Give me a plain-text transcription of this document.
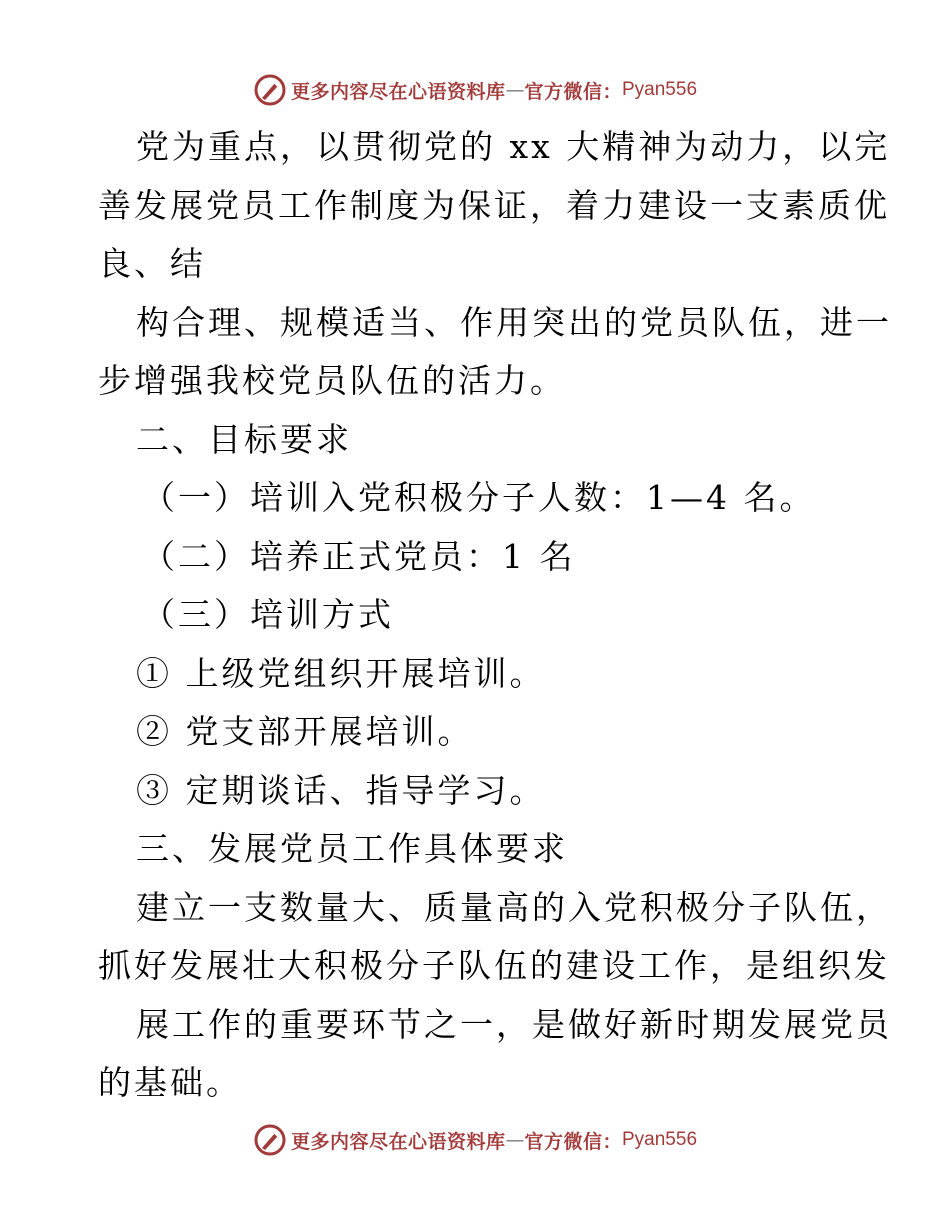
更多内容尽在心语资料库 — 官方微信： Pyan556
党为重点，以贯彻党的 xx 大精神为动力，以完
善发展党员工作制度为保证，着力建设一支素质优
良、结
构合理、规模适当、作用突出的党员队伍，进一
步增强我校党员队伍的活力。
二、目标要求
（一）培训入党积极分子人数：1—4 名。
（二）培养正式党员：1 名
（三）培训方式
① 上级党组织开展培训。
② 党支部开展培训。
③ 定期谈话、指导学习。
三、发展党员工作具体要求
建立一支数量大、质量高的入党积极分子队伍，
抓好发展壮大积极分子队伍的建设工作，是组织发
展工作的重要环节之一，是做好新时期发展党员
的基础。
更多内容尽在心语资料库 — 官方微信： Pyan556
